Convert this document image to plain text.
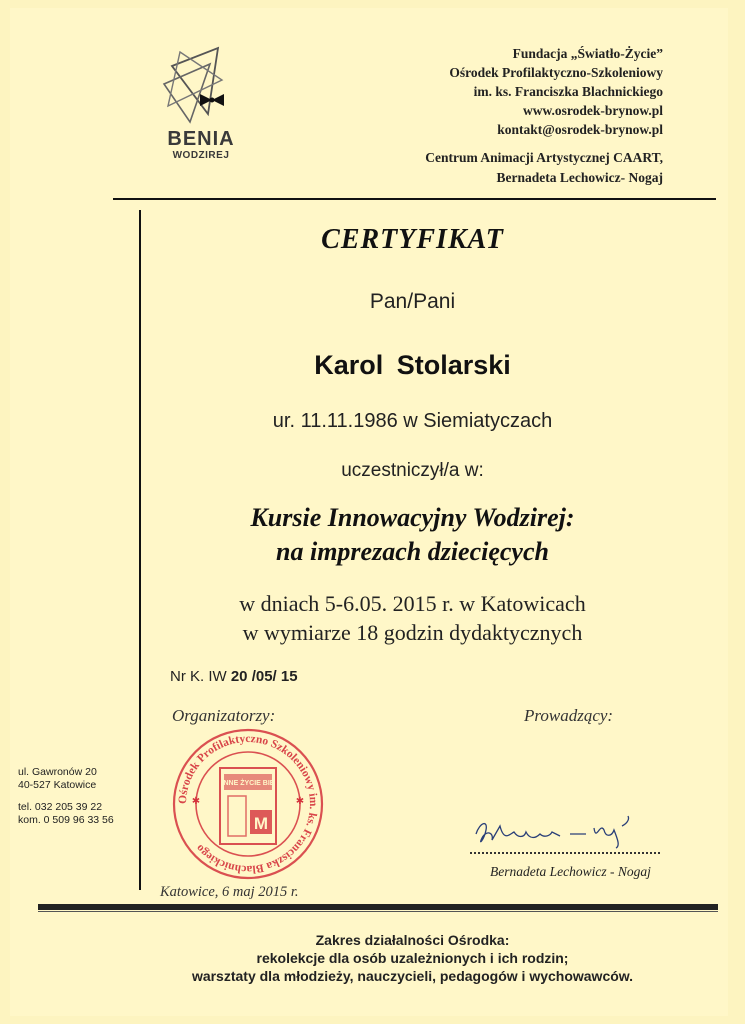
BENIA
WODZIREJ
Fundacja „Światło-Życie”
Ośrodek Profilaktyczno-Szkoleniowy
im. ks. Franciszka Blachnickiego
www.osrodek-brynow.pl
kontakt@osrodek-brynow.pl
Centrum Animacji Artystycznej CAART,
Bernadeta Lechowicz- Nogaj
CERTYFIKAT
Pan/Pani
Karol Stolarski
ur. 11.11.1986 w Siemiatyczach
uczestniczył/a w:
Kursie Innowacyjny Wodzirej:
na imprezach dziecięcych
w dniach 5-6.05. 2015 r. w Katowicach
w wymiarze 18 godzin dydaktycznych
Nr K. IW 20 /05/ 15
Organizatorzy:	Prowadzący:
Ośrodek Profilaktyczno Szkoleniowy im. ks. Franciszka Blachnickiego
INNE ŻYCIE BIE
M
✱	✱
ul. Gawronów 20
40-527 Katowice
tel. 032 205 39 22
kom. 0 509 96 33 56
Bernadeta Lechowicz - Nogaj
Katowice, 6 maj 2015 r.
Zakres działalności Ośrodka:
rekolekcje dla osób uzależnionych i ich rodzin;
warsztaty dla młodzieży, nauczycieli, pedagogów i wychowawców.
